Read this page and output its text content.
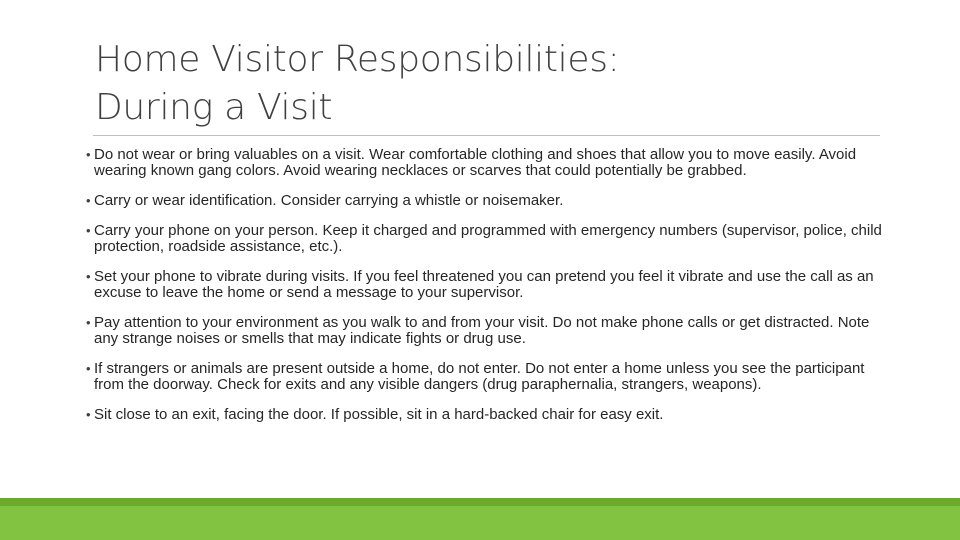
Home Visitor Responsibilities:
During a Visit
• Do not wear or bring valuables on a visit. Wear comfortable clothing and shoes that allow you to move easily. Avoid wearing known gang colors. Avoid wearing necklaces or scarves that could potentially be grabbed.
• Carry or wear identification. Consider carrying a whistle or noisemaker.
• Carry your phone on your person. Keep it charged and programmed with emergency numbers (supervisor, police, child protection, roadside assistance, etc.).
• Set your phone to vibrate during visits. If you feel threatened you can pretend you feel it vibrate and use the call as an excuse to leave the home or send a message to your supervisor.
• Pay attention to your environment as you walk to and from your visit. Do not make phone calls or get distracted. Note any strange noises or smells that may indicate fights or drug use.
• If strangers or animals are present outside a home, do not enter. Do not enter a home unless you see the participant from the doorway. Check for exits and any visible dangers (drug paraphernalia, strangers, weapons).
• Sit close to an exit, facing the door. If possible, sit in a hard-backed chair for easy exit.
